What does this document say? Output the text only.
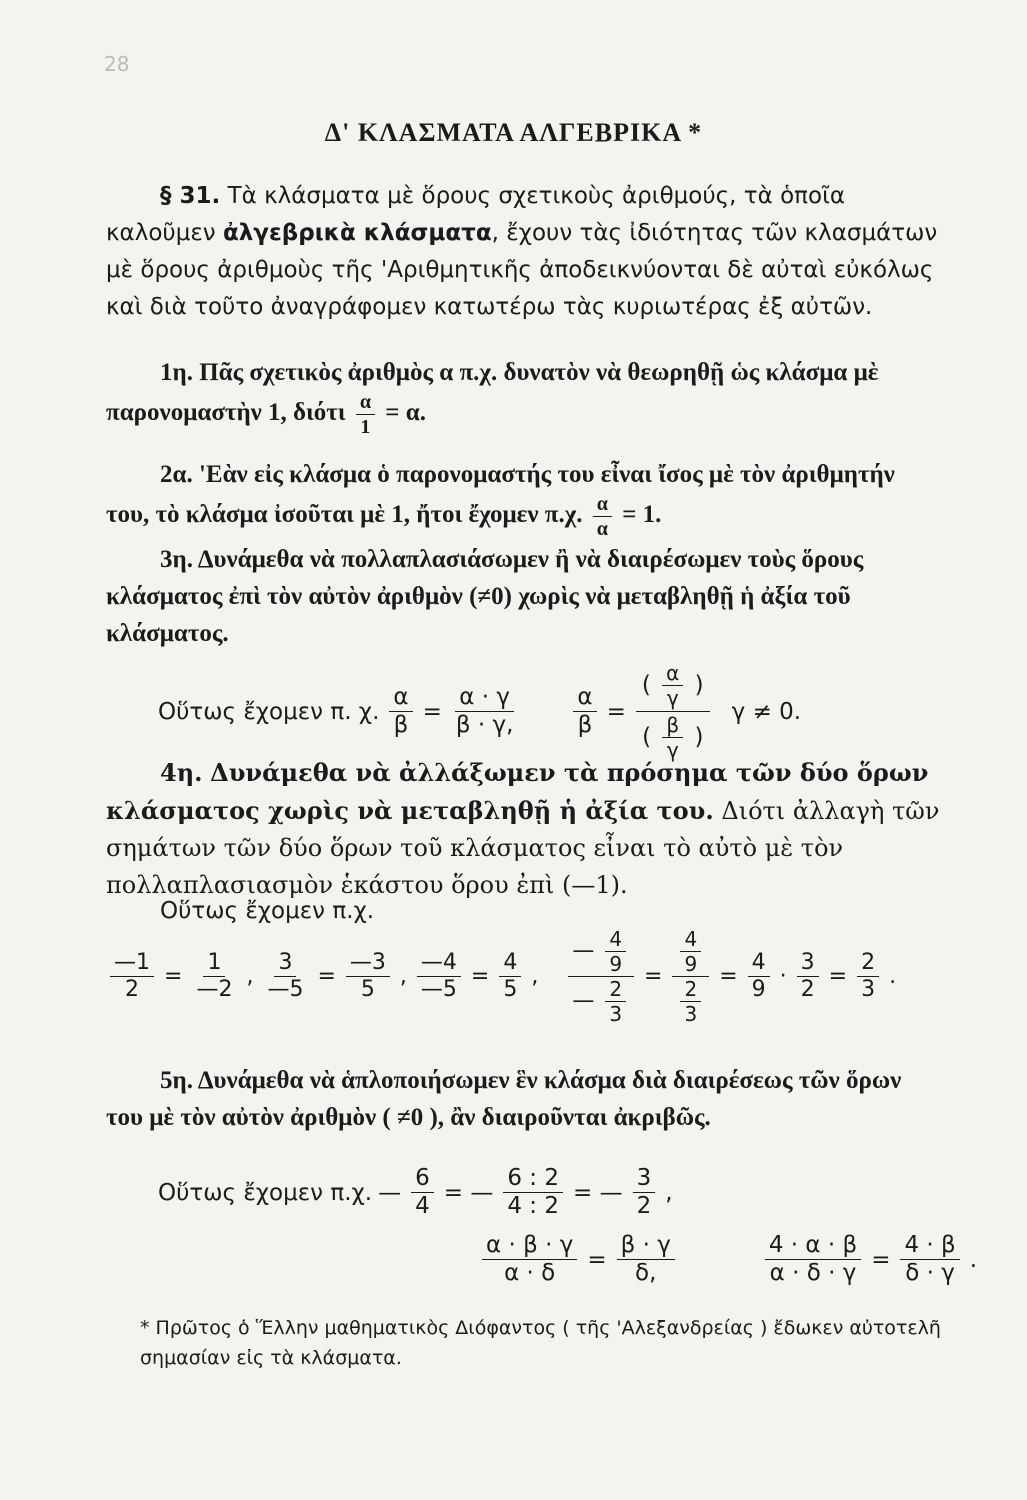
28
Δ' ΚΛΑΣΜΑΤΑ ΑΛΓΕΒΡΙΚΑ *
§ 31. Τὰ κλάσματα μὲ ὅρους σχετικοὺς ἀριθμούς, τὰ ὁποῖα καλοῦμεν ἀλγεβρικὰ κλάσματα, ἔχουν τὰς ἰδιότητας τῶν κλασμάτων μὲ ὅρους ἀριθμοὺς τῆς 'Αριθμητικῆς ἀποδεικνύονται δὲ αὐταὶ εὐκόλως καὶ διὰ τοῦτο ἀναγράφομεν κατωτέρω τὰς κυριωτέρας ἐξ αὐτῶν.
1η. Πᾶς σχετικὸς ἀριθμὸς α π.χ. δυνατὸν νὰ θεωρηθῇ ὡς κλάσμα μὲ παρονομαστὴν 1, διότι $\frac{\alpha}{1} = \alpha$.
2α. 'Εὰν εἰς κλάσμα ὁ παρονομαστής του εἶναι ἴσος μὲ τὸν ἀριθμητήν του, τὸ κλάσμα ἰσοῦται μὲ 1, ἤτοι ἔχομεν π.χ. $\frac{\alpha}{\alpha} = 1$.
3η. Δυνάμεθα νὰ πολλαπλασιάσωμεν ἢ νὰ διαιρέσωμεν τοὺς ὅρους κλάσματος ἐπὶ τὸν αὐτὸν ἀριθμὸν (≠0) χωρὶς νὰ μεταβληθῇ ἡ ἀξία τοῦ κλάσματος.
Οὕτως ἔχομεν π. χ. $\frac{\alpha}{\beta} = \frac{\alpha \cdot \gamma}{\beta \cdot \gamma,} \frac{\alpha}{\beta} = \frac{( \frac{\alpha}{\gamma} )}{( \frac{\beta}{\gamma} )}$ γ ≠ 0.
4η. Δυνάμεθα νὰ ἀλλάξωμεν τὰ πρόσημα τῶν δύο ὅρων κλάσματος χωρὶς νὰ μεταβληθῇ ἡ ἀξία του. Διότι ἀλλαγὴ τῶν σημάτων τῶν δύο ὅρων τοῦ κλάσματος εἶναι τὸ αὐτὸ μὲ τὸν πολλαπλασιασμὸν ἑκάστου ὅρου ἐπὶ (—1).
Οὕτως ἔχομεν π.χ.
$\frac{—1}{2} = \frac{1}{—2}$ , $\frac{3}{—5} = \frac{—3}{5}$ , $\frac{—4}{—5} = \frac{4}{5}$ , $\frac{— \frac{4}{9}}{— \frac{2}{3}} = \frac{\frac{4}{9}}{\frac{2}{3}} = \frac{4}{9} \cdot \frac{3}{2} = \frac{2}{3}$ .
5η. Δυνάμεθα νὰ ἁπλοποιήσωμεν ἓν κλάσμα διὰ διαιρέσεως τῶν ὅρων του μὲ τὸν αὐτὸν ἀριθμὸν ( ≠0 ), ἂν διαιροῦνται ἀκριβῶς.
Οὕτως ἔχομεν π.χ. — $\frac{6}{4}$ = — $\frac{6 : 2}{4 : 2}$ = — $\frac{3}{2}$ ,
$\frac{\alpha \cdot \beta \cdot \gamma}{\alpha \cdot \delta} = \frac{\beta \cdot \gamma}{\delta,}$	$\frac{4 \cdot \alpha \cdot \beta}{\alpha \cdot \delta \cdot \gamma} = \frac{4 \cdot \beta}{\delta \cdot \gamma}$ .
* Πρῶτος ὁ Ἕλλην μαθηματικὸς Διόφαντος ( τῆς 'Αλεξανδρείας ) ἔδωκεν αὐτοτελῆ σημασίαν εἰς τὰ κλάσματα.
